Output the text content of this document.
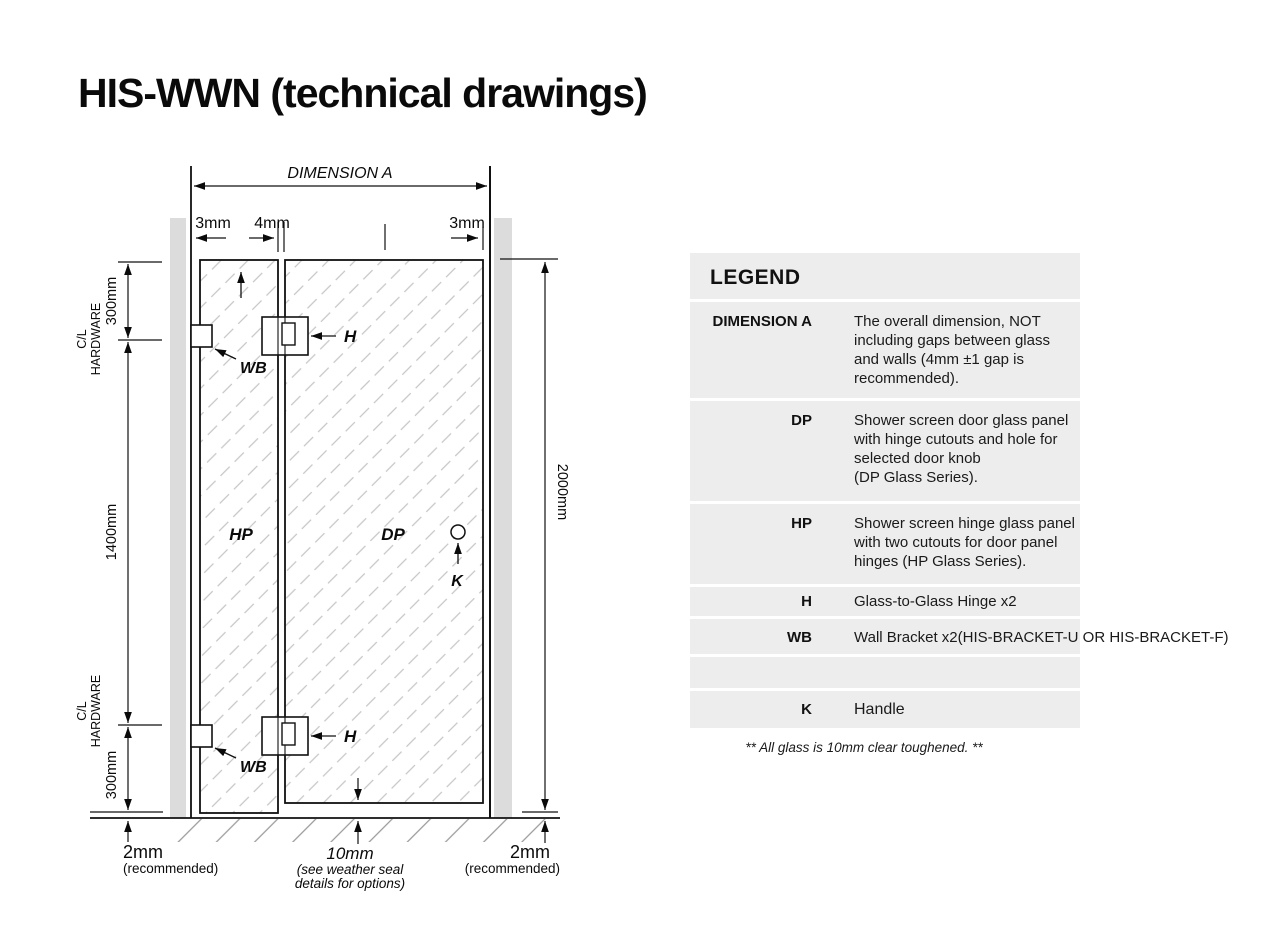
HIS-WWN (technical drawings)
DIMENSION A
3mm 4mm	3mm
300mm
C/L HARDWARE
1400mm
C/L HARDWARE
300mm
2000mm
WB
WB
H
H
K
HP	DP
2mm
(recommended)
10mm
(see weather seal
details for options)
2mm
(recommended)
LEGEND
DIMENSION A	The overall dimension, NOT
including gaps between glass
and walls (4mm ±1 gap is
recommended).
DP	Shower screen door glass panel
with hinge cutouts and hole for
selected door knob
(DP Glass Series).
HP	Shower screen hinge glass panel
with two cutouts for door panel
hinges (HP Glass Series).
H	Glass-to-Glass Hinge x2
WB	Wall Bracket x2(HIS-BRACKET-U OR HIS-BRACKET-F)
K	Handle
** All glass is 10mm clear toughened. **
